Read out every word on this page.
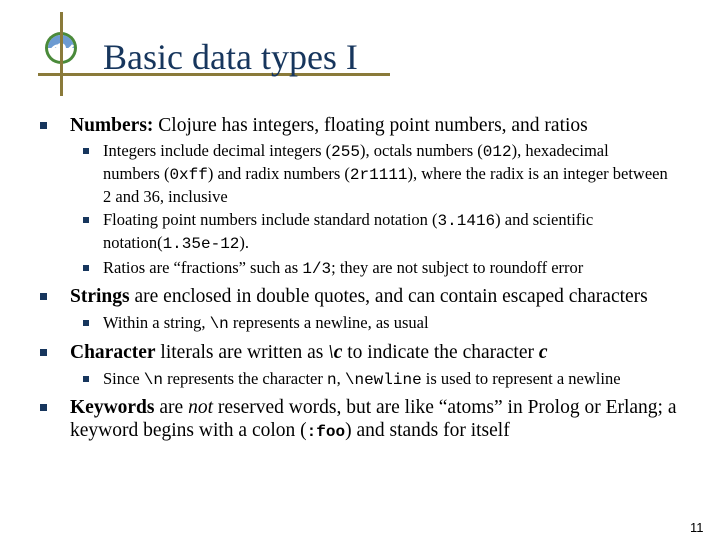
Basic data types I
Numbers: Clojure has integers, floating point numbers, and ratios
Integers include decimal integers (255), octals numbers (012), hexadecimal
numbers (0xff) and radix numbers (2r1111), where the radix is an integer between
2 and 36, inclusive
Floating point numbers include standard notation (3.1416) and scientific
notation(1.35e-12).
Ratios are “fractions” such as 1/3; they are not subject to roundoff error
Strings are enclosed in double quotes, and can contain escaped characters
Within a string, \n represents a newline, as usual
Character literals are written as \c to indicate the character c
Since \n represents the character n, \newline is used to represent a newline
Keywords are not reserved words, but are like “atoms” in Prolog or Erlang; a
keyword begins with a colon (:foo) and stands for itself
11
